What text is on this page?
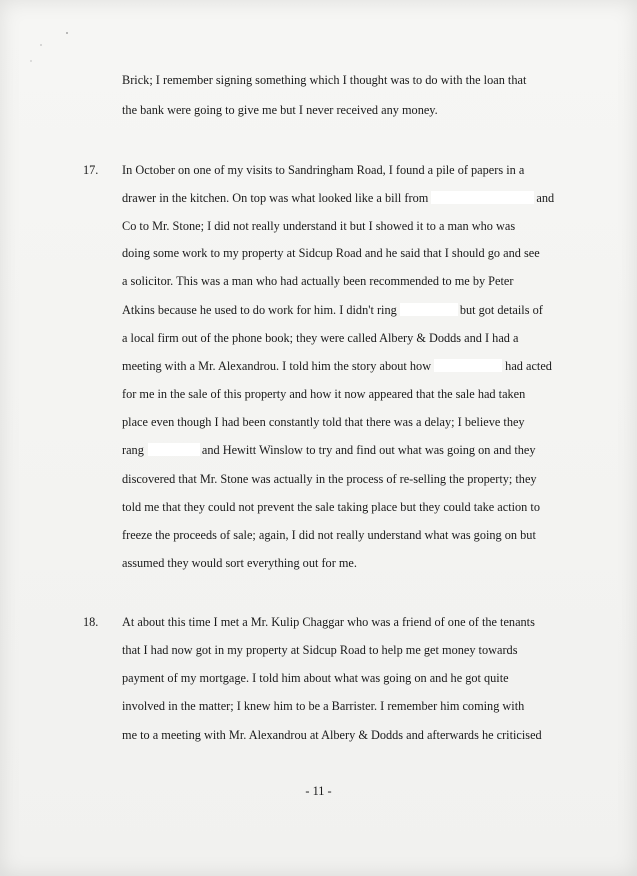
Brick; I remember signing something which I thought was to do with the loan that
the bank were going to give me but I never received any money.
17. In October on one of my visits to Sandringham Road, I found a pile of papers in a
drawer in the kitchen. On top was what looked like a bill from	and
Co to Mr. Stone; I did not really understand it but I showed it to a man who was
doing some work to my property at Sidcup Road and he said that I should go and see
a solicitor. This was a man who had actually been recommended to me by Peter
Atkins because he used to do work for him. I didn't ring	but got details of
a local firm out of the phone book; they were called Albery & Dodds and I had a
meeting with a Mr. Alexandrou. I told him the story about how	had acted
for me in the sale of this property and how it now appeared that the sale had taken
place even though I had been constantly told that there was a delay; I believe they
rang	and Hewitt Winslow to try and find out what was going on and they
discovered that Mr. Stone was actually in the process of re-selling the property; they
told me that they could not prevent the sale taking place but they could take action to
freeze the proceeds of sale; again, I did not really understand what was going on but
assumed they would sort everything out for me.
18. At about this time I met a Mr. Kulip Chaggar who was a friend of one of the tenants
that I had now got in my property at Sidcup Road to help me get money towards
payment of my mortgage. I told him about what was going on and he got quite
involved in the matter; I knew him to be a Barrister. I remember him coming with
me to a meeting with Mr. Alexandrou at Albery & Dodds and afterwards he criticised
- 11 -
